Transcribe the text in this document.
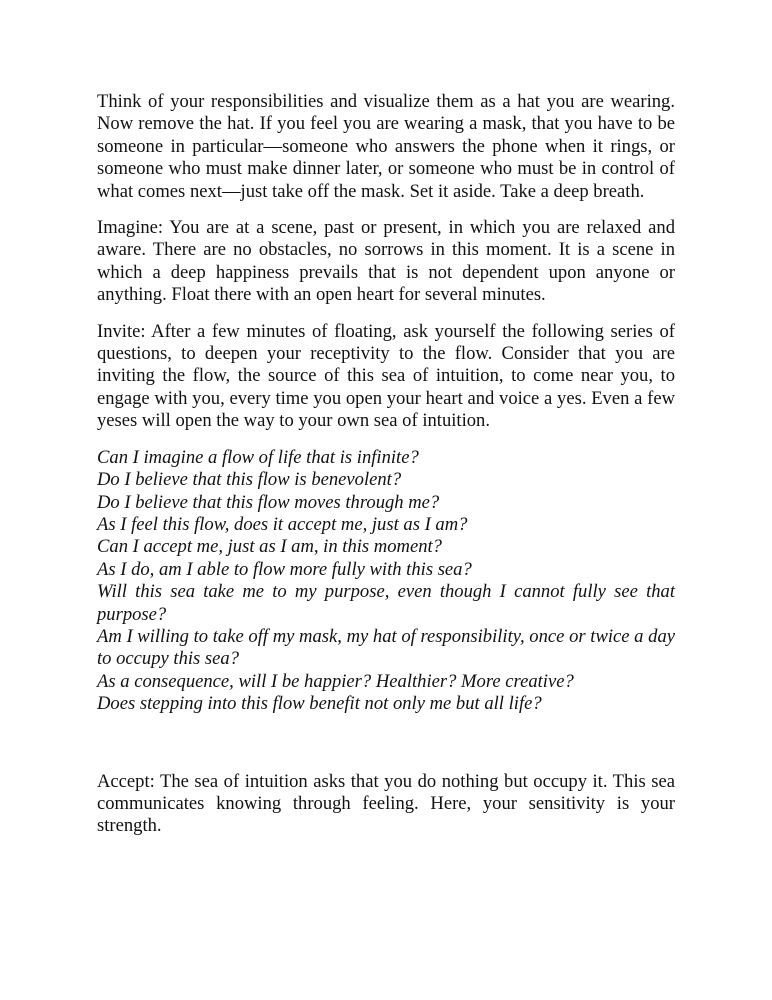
Think of your responsibilities and visualize them as a hat you are wearing. Now remove the hat. If you feel you are wearing a mask, that you have to be someone in particular—someone who answers the phone when it rings, or someone who must make dinner later, or someone who must be in control of what comes next—just take off the mask. Set it aside. Take a deep breath.

Imagine: You are at a scene, past or present, in which you are relaxed and aware. There are no obstacles, no sorrows in this moment. It is a scene in which a deep happiness prevails that is not dependent upon anyone or anything. Float there with an open heart for several minutes.

Invite: After a few minutes of floating, ask yourself the following series of questions, to deepen your receptivity to the flow. Consider that you are inviting the flow, the source of this sea of intuition, to come near you, to engage with you, every time you open your heart and voice a yes. Even a few yeses will open the way to your own sea of intuition.

Can I imagine a flow of life that is infinite?
Do I believe that this flow is benevolent?
Do I believe that this flow moves through me?
As I feel this flow, does it accept me, just as I am?
Can I accept me, just as I am, in this moment?
As I do, am I able to flow more fully with this sea?
Will this sea take me to my purpose, even though I cannot fully see that purpose?
Am I willing to take off my mask, my hat of responsibility, once or twice a day to occupy this sea?
As a consequence, will I be happier? Healthier? More creative?
Does stepping into this flow benefit not only me but all life?

Accept: The sea of intuition asks that you do nothing but occupy it. This sea communicates knowing through feeling. Here, your sensitivity is your strength.
